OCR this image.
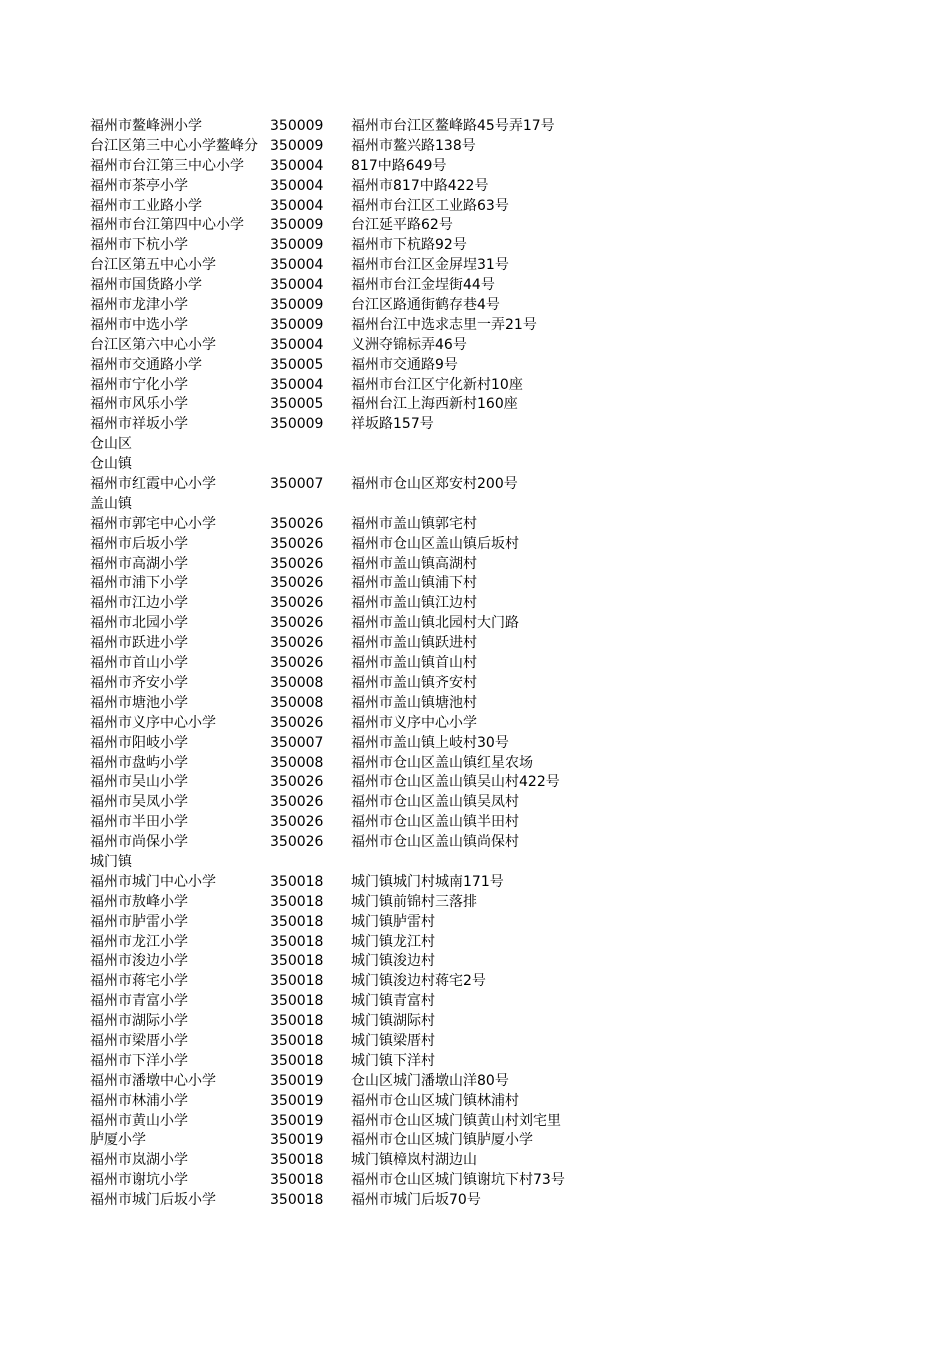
福州市鳌峰洲小学	350009 福州市台江区鳌峰路45号弄17号
台江区第三中心小学鳌峰分 350009 福州市鳌兴路138号
福州市台江第三中心小学 350004 817中路649号
福州市茶亭小学	350004 福州市817中路422号
福州市工业路小学	350004 福州市台江区工业路63号
福州市台江第四中心小学 350009 台江延平路62号
福州市下杭小学	350009 福州市下杭路92号
台江区第五中心小学	350004 福州市台江区金屏埕31号
福州市国货路小学	350004 福州市台江金埕街44号
福州市龙津小学	350009 台江区路通街鹤存巷4号
福州市中选小学	350009 福州台江中选求志里一弄21号
台江区第六中心小学	350004 义洲夺锦标弄46号
福州市交通路小学	350005 福州市交通路9号
福州市宁化小学	350004 福州市台江区宁化新村10座
福州市风乐小学	350005 福州台江上海西新村160座
福州市祥坂小学	350009 祥坂路157号
仓山区
仓山镇
福州市红霞中心小学	350007 福州市仓山区郑安村200号
盖山镇
福州市郭宅中心小学	350026 福州市盖山镇郭宅村
福州市后坂小学	350026 福州市仓山区盖山镇后坂村
福州市高湖小学	350026 福州市盖山镇高湖村
福州市浦下小学	350026 福州市盖山镇浦下村
福州市江边小学	350026 福州市盖山镇江边村
福州市北园小学	350026 福州市盖山镇北园村大门路
福州市跃进小学	350026 福州市盖山镇跃进村
福州市首山小学	350026 福州市盖山镇首山村
福州市齐安小学	350008 福州市盖山镇齐安村
福州市塘池小学	350008 福州市盖山镇塘池村
福州市义序中心小学	350026 福州市义序中心小学
福州市阳岐小学	350007 福州市盖山镇上岐村30号
福州市盘屿小学	350008 福州市仓山区盖山镇红星农场
福州市吴山小学	350026 福州市仓山区盖山镇吴山村422号
福州市吴凤小学	350026 福州市仓山区盖山镇吴凤村
福州市半田小学	350026 福州市仓山区盖山镇半田村
福州市尚保小学	350026 福州市仓山区盖山镇尚保村
城门镇
福州市城门中心小学	350018 城门镇城门村城南171号
福州市敖峰小学	350018 城门镇前锦村三落排
福州市胪雷小学	350018 城门镇胪雷村
福州市龙江小学	350018 城门镇龙江村
福州市浚边小学	350018 城门镇浚边村
福州市蒋宅小学	350018 城门镇浚边村蒋宅2号
福州市青富小学	350018 城门镇青富村
福州市湖际小学	350018 城门镇湖际村
福州市梁厝小学	350018 城门镇梁厝村
福州市下洋小学	350018 城门镇下洋村
福州市潘墩中心小学	350019 仓山区城门潘墩山洋80号
福州市林浦小学	350019 福州市仓山区城门镇林浦村
福州市黄山小学	350019 福州市仓山区城门镇黄山村刘宅里
胪厦小学	350019 福州市仓山区城门镇胪厦小学
福州市岚湖小学	350018 城门镇樟岚村湖边山
福州市谢坑小学	350018 福州市仓山区城门镇谢坑下村73号
福州市城门后坂小学	350018 福州市城门后坂70号
